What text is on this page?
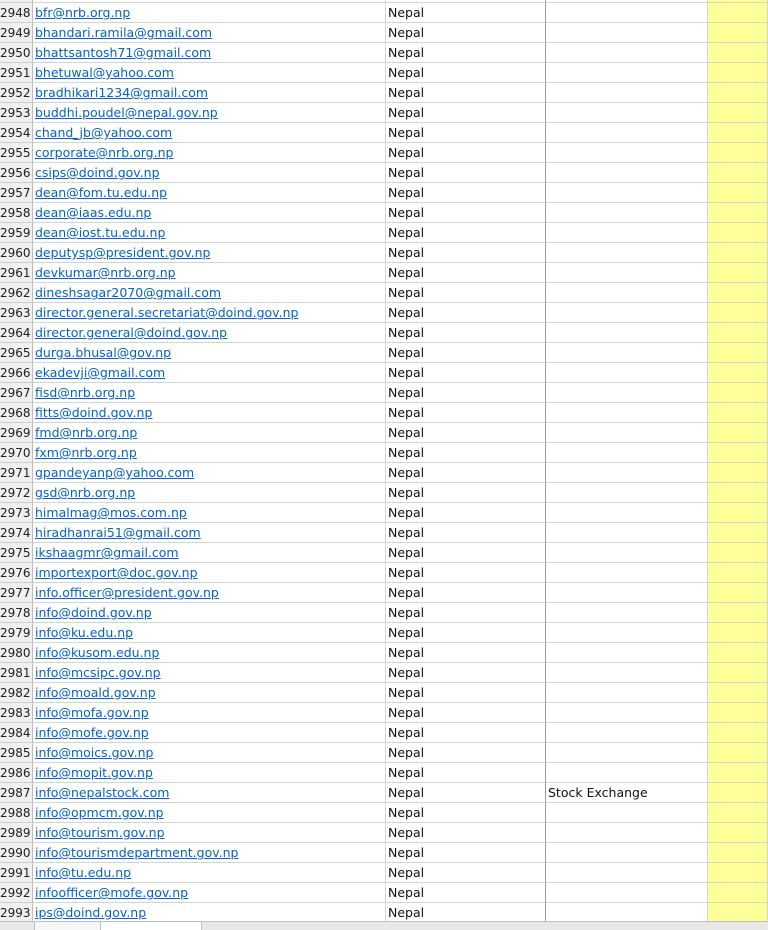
2948 bfr@nrb.org.np	Nepal
2949 bhandari.ramila@gmail.com	Nepal
2950 bhattsantosh71@gmail.com	Nepal
2951 bhetuwal@yahoo.com	Nepal
2952 bradhikari1234@gmail.com	Nepal
2953 buddhi.poudel@nepal.gov.np	Nepal
2954 chand_jb@yahoo.com	Nepal
2955 corporate@nrb.org.np	Nepal
2956 csips@doind.gov.np	Nepal
2957 dean@fom.tu.edu.np	Nepal
2958 dean@iaas.edu.np	Nepal
2959 dean@iost.tu.edu.np	Nepal
2960 deputysp@president.gov.np	Nepal
2961 devkumar@nrb.org.np	Nepal
2962 dineshsagar2070@gmail.com	Nepal
2963 director.general.secretariat@doind.gov.np	Nepal
2964 director.general@doind.gov.np	Nepal
2965 durga.bhusal@gov.np	Nepal
2966 ekadevji@gmail.com	Nepal
2967 fisd@nrb.org.np	Nepal
2968 fitts@doind.gov.np	Nepal
2969 fmd@nrb.org.np	Nepal
2970 fxm@nrb.org.np	Nepal
2971 gpandeyanp@yahoo.com	Nepal
2972 gsd@nrb.org.np	Nepal
2973 himalmag@mos.com.np	Nepal
2974 hiradhanrai51@gmail.com	Nepal
2975 ikshaagmr@gmail.com	Nepal
2976 importexport@doc.gov.np	Nepal
2977 info.officer@president.gov.np	Nepal
2978 info@doind.gov.np	Nepal
2979 info@ku.edu.np	Nepal
2980 info@kusom.edu.np	Nepal
2981 info@mcsipc.gov.np	Nepal
2982 info@moald.gov.np	Nepal
2983 info@mofa.gov.np	Nepal
2984 info@mofe.gov.np	Nepal
2985 info@moics.gov.np	Nepal
2986 info@mopit.gov.np	Nepal
2987 info@nepalstock.com	Nepal	Stock Exchange
2988 info@opmcm.gov.np	Nepal
2989 info@tourism.gov.np	Nepal
2990 info@tourismdepartment.gov.np	Nepal
2991 info@tu.edu.np	Nepal
2992 infoofficer@mofe.gov.np	Nepal
2993 ips@doind.gov.np	Nepal
